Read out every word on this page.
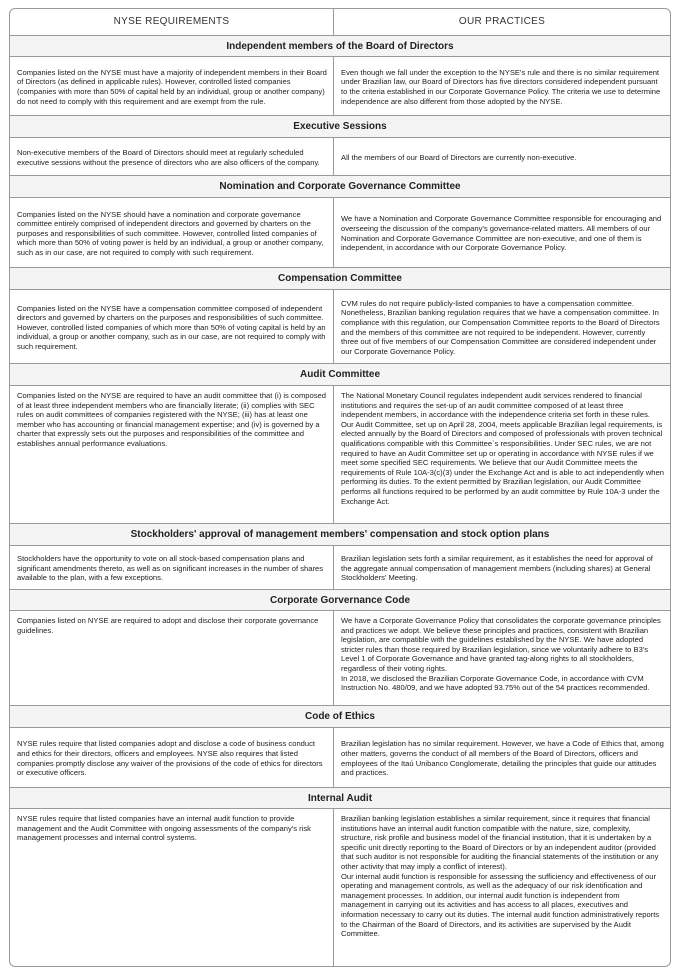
NYSE REQUIREMENTS	OUR PRACTICES
Independent members of the Board of Directors

Companies listed on the NYSE must have a majority of independent members in their Board of Directors (as defined in applicable rules). However, controlled listed companies (companies with more than 50% of capital held by an individual, group or another company) do not need to comply with this requirement and are exempt from the rule.

Even though we fall under the exception to the NYSE's rule and there is no similar requirement under Brazilian law, our Board of Directors has five directors considered independent pursuant to the criteria established in our Corporate Governance Policy. The criteria we use to determine independence are also different from those adopted by the NYSE.

Executive Sessions

Non-executive members of the Board of Directors should meet at regularly scheduled executive sessions without the presence of directors who are also officers of the company.

All the members of our Board of Directors are currently non-executive.

Nomination and Corporate Governance Committee

Companies listed on the NYSE should have a nomination and corporate governance committee entirely comprised of independent directors and governed by charters on the purposes and responsibilities of such committee. However, controlled listed companies of which more than 50% of voting power is held by an individual, a group or another company, such as in our case, are not required to comply with such requirement.

We have a Nomination and Corporate Governance Committee responsible for encouraging and overseeing the discussion of the company's governance-related matters. All members of our Nomination and Corporate Governance Committee are non-executive, and one of them is independent, in accordance with our Corporate Governance Policy.

Compensation Committee

Companies listed on the NYSE have a compensation committee composed of independent directors and governed by charters on the purposes and responsibilities of such committee. However, controlled listed companies of which more than 50% of voting capital is held by an individual, a group or another company, such as in our case, are not required to comply with such requirement.

CVM rules do not require publicly-listed companies to have a compensation committee. Nonetheless, Brazilian banking regulation requires that we have a compensation committee. In compliance with this regulation, our Compensation Committee reports to the Board of Directors and the members of this committee are not required to be independent. However, currently three out of five members of our Compensation Committee are considered independent under our Corporate Governance Policy.

Audit Committee

Companies listed on the NYSE are required to have an audit committee that (i) is composed of at least three independent members who are financially literate; (ii) complies with SEC rules on audit committees of companies registered with the NYSE; (iii) has at least one member who has accounting or financial management expertise; and (iv) is governed by a charter that expressly sets out the purposes and responsibilities of the committee and establishes annual performance evaluations.

The National Monetary Council regulates independent audit services rendered to financial institutions and requires the set-up of an audit committee composed of at least three independent members, in accordance with the independence criteria set forth in these rules. Our Audit Committee, set up on April 28, 2004, meets applicable Brazilian legal requirements, is elected annually by the Board of Directors and composed of professionals with proven technical qualifications compatible with this Committee`s responsibilities. Under SEC rules, we are not required to have an Audit Committee set up or operating in accordance with NYSE rules if we meet some specified SEC requirements. We believe that our Audit Committee meets the requirements of Rule 10A-3(c)(3) under the Exchange Act and is able to act independently when performing its duties. To the extent permitted by Brazilian legislation, our Audit Committee performs all functions required to be performed by an audit committee by Rule 10A-3 under the Exchange Act.

Stockholders' approval of management members' compensation and stock option plans

Stockholders have the opportunity to vote on all stock-based compensation plans and significant amendments thereto, as well as on significant increases in the number of shares available to the plan, with a few exceptions.

Brazilian legislation sets forth a similar requirement, as it establishes the need for approval of the aggregate annual compensation of management members (including shares) at General Stockholders' Meeting.

Corporate Gorvernance Code

Companies listed on NYSE are required to adopt and disclose their corporate governance guidelines.

We have a Corporate Governance Policy that consolidates the corporate governance principles and practices we adopt. We believe these principles and practices, consistent with Brazilian legislation, are compatible with the guidelines established by the NYSE. We have adopted stricter rules than those required by Brazilian legislation, since we voluntarily adhere to B3's Level 1 of Corporate Governance and have granted tag-along rights to all stockholders, regardless of their voting rights.

In 2018, we disclosed the Brazilian Corporate Governance Code, in accordance with CVM Instruction No. 480/09, and we have adopted 93.75% out of the 54 practices recommended.

Code of Ethics

NYSE rules require that listed companies adopt and disclose a code of business conduct and ethics for their directors, officers and employees. NYSE also requires that listed companies promptly disclose any waiver of the provisions of the code of ethics for directors or executive officers.

Brazilian legislation has no similar requirement. However, we have a Code of Ethics that, among other matters, governs the conduct of all members of the Board of Directors, officers and employees of the Itaú Unibanco Conglomerate, detailing the principles that guide our attitudes and practices.

Internal Audit

NYSE rules require that listed companies have an internal audit function to provide management and the Audit Committee with ongoing assessments of the company's risk management processes and internal control systems.

Brazilian banking legislation establishes a similar requirement, since it requires that financial institutions have an internal audit function compatible with the nature, size, complexity, structure, risk profile and business model of the financial institution, that it is undertaken by a specific unit directly reporting to the Board of Directors or by an independent auditor (provided that such auditor is not responsible for auditing the financial statements of the institution or any other activity that may imply a conflict of interest).

Our internal audit function is responsible for assessing the sufficiency and effectiveness of our operating and management controls, as well as the adequacy of our risk identification and management processes. In addition, our internal audit function is independent from management in carrying out its activities and has access to all places, executives and information necessary to carry out its duties. The internal audit function administratively reports to the Chairman of the Board of Directors, and its activities are supervised by the Audit Committee.
